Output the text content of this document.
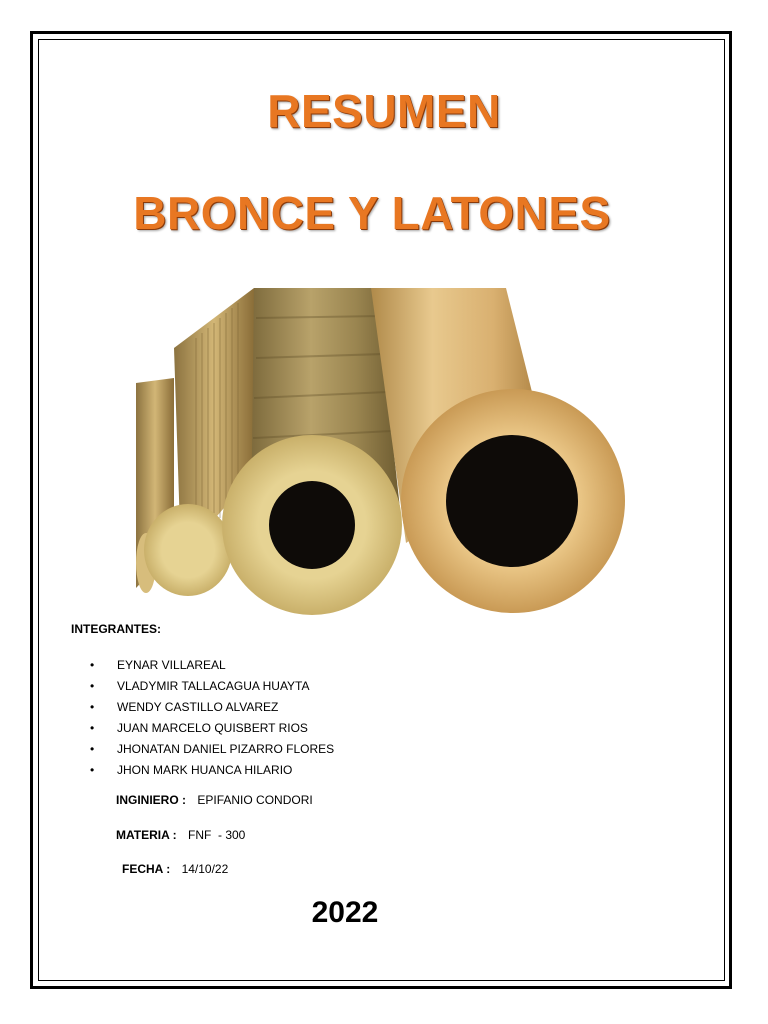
RESUMEN
BRONCE Y LATONES
INTEGRANTES:
• EYNAR VILLAREAL
• VLADYMIR TALLACAGUA HUAYTA
• WENDY CASTILLO ALVAREZ
• JUAN MARCELO QUISBERT RIOS
• JHONATAN DANIEL PIZARRO FLORES
• JHON MARK HUANCA HILARIO
INGINIERO : EPIFANIO CONDORI
MATERIA : FNF  - 300
FECHA : 14/10/22
2022
